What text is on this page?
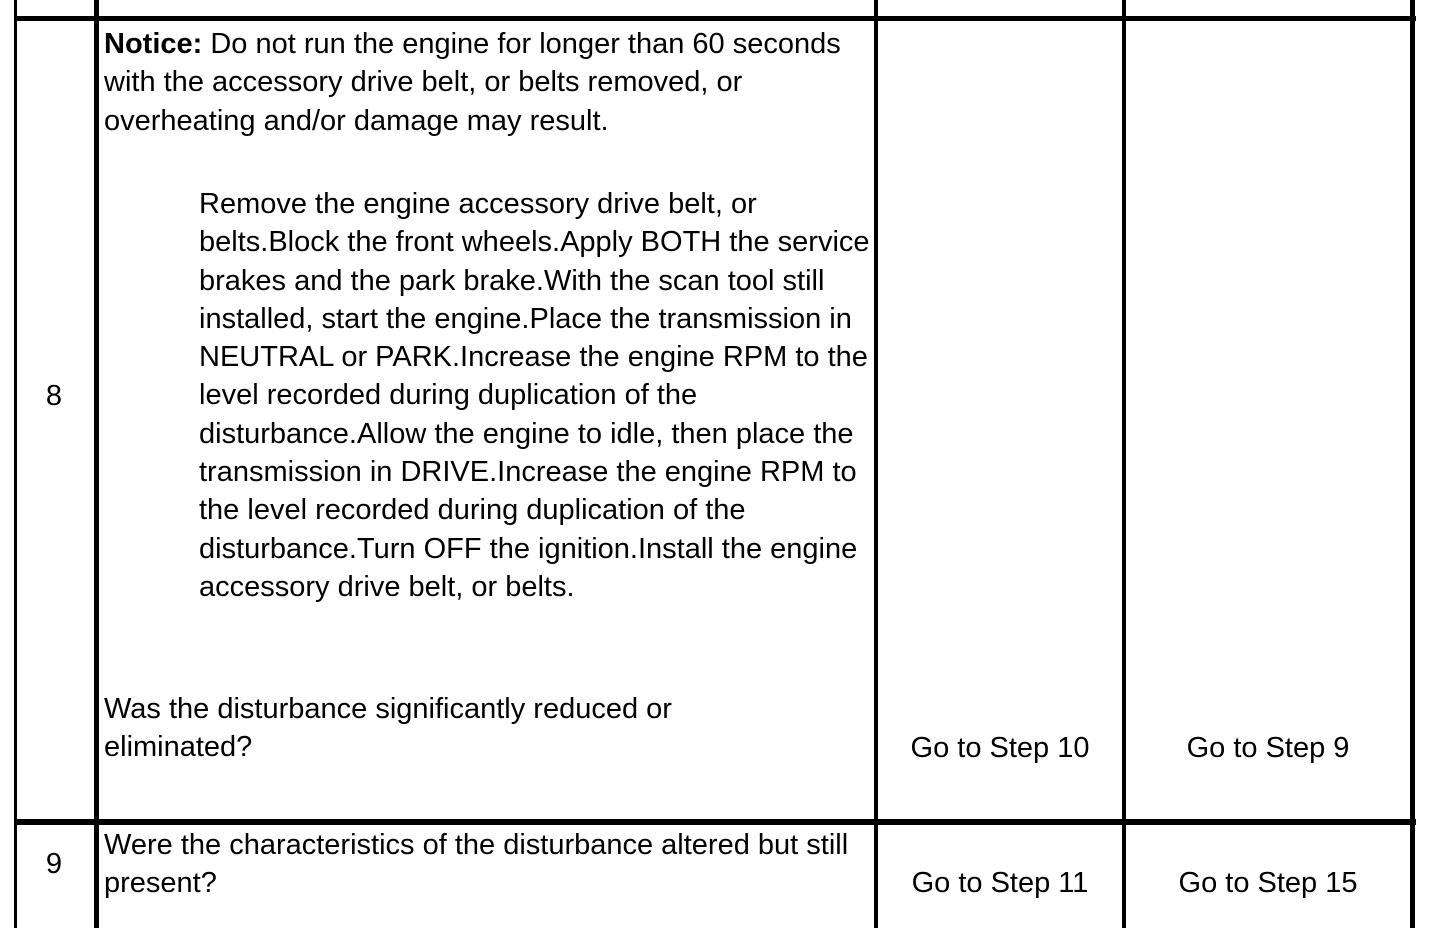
8
Notice: Do not run the engine for longer than 60 seconds with the accessory drive belt, or belts removed, or overheating and/or damage may result.
Remove the engine accessory drive belt, or belts.Block the front wheels.Apply BOTH the service brakes and the park brake.With the scan tool still installed, start the engine.Place the transmission in NEUTRAL or PARK.Increase the engine RPM to the level recorded during duplication of the disturbance.Allow the engine to idle, then place the transmission in DRIVE.Increase the engine RPM to the level recorded during duplication of the disturbance.Turn OFF the ignition.Install the engine accessory drive belt, or belts.
Was the disturbance significantly reduced or eliminated?	Go to Step 10	Go to Step 9
9
Were the characteristics of the disturbance altered but still present?	Go to Step 11	Go to Step 15
